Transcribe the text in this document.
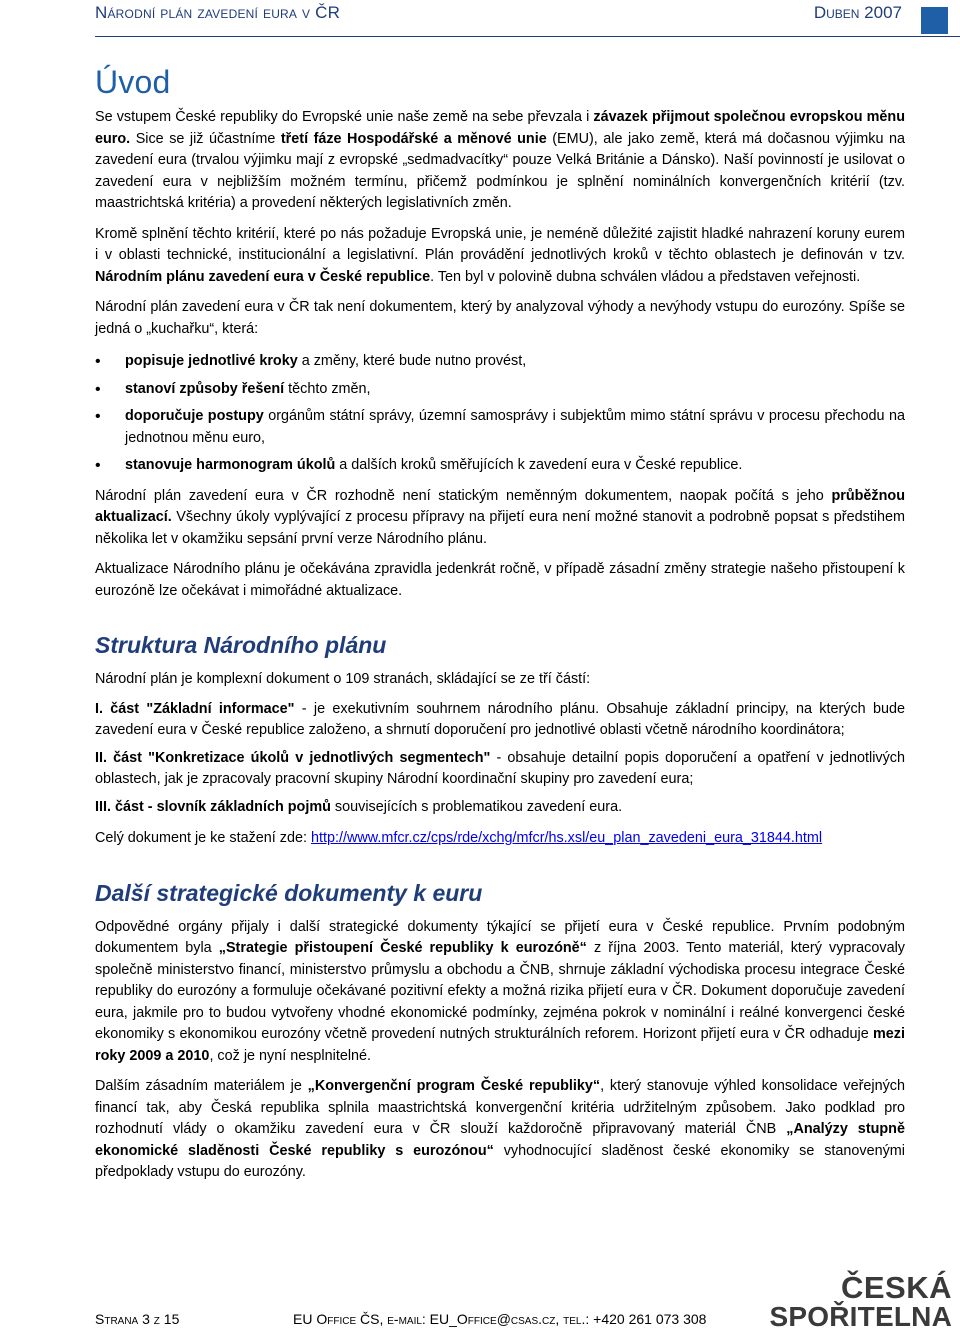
Národní plán zavedení eura v ČR	Duben 2007
Úvod

Se vstupem České republiky do Evropské unie naše země na sebe převzala i závazek přijmout společnou evropskou měnu euro. Sice se již účastníme třetí fáze Hospodářské a měnové unie (EMU), ale jako země, která má dočasnou výjimku na zavedení eura (trvalou výjimku mají z evropské „sedmadvacítky“ pouze Velká Británie a Dánsko). Naší povinností je usilovat o zavedení eura v nejbližším možném termínu, přičemž podmínkou je splnění nominálních konvergenčních kritérií (tzv. maastrichtská kritéria) a provedení některých legislativních změn.

Kromě splnění těchto kritérií, které po nás požaduje Evropská unie, je neméně důležité zajistit hladké nahrazení koruny eurem i v oblasti technické, institucionální a legislativní. Plán provádění jednotlivých kroků v těchto oblastech je definován v tzv. Národním plánu zavedení eura v České republice. Ten byl v polovině dubna schválen vládou a představen veřejnosti.

Národní plán zavedení eura v ČR tak není dokumentem, který by analyzoval výhody a nevýhody vstupu do eurozóny. Spíše se jedná o „kuchařku“, která:

• popisuje jednotlivé kroky a změny, které bude nutno provést,
• stanoví způsoby řešení těchto změn,
• doporučuje postupy orgánům státní správy, územní samosprávy i subjektům mimo státní správu v procesu přechodu na jednotnou měnu euro,
• stanovuje harmonogram úkolů a dalších kroků směřujících k zavedení eura v České republice.

Národní plán zavedení eura v ČR rozhodně není statickým neměnným dokumentem, naopak počítá s jeho průběžnou aktualizací. Všechny úkoly vyplývající z procesu přípravy na přijetí eura není možné stanovit a podrobně popsat s předstihem několika let v okamžiku sepsání první verze Národního plánu.

Aktualizace Národního plánu je očekávána zpravidla jedenkrát ročně, v případě zásadní změny strategie našeho přistoupení k eurozóně lze očekávat i mimořádné aktualizace.

Struktura Národního plánu

Národní plán je komplexní dokument o 109 stranách, skládající se ze tří částí:

I. část "Základní informace" - je exekutivním souhrnem národního plánu. Obsahuje základní principy, na kterých bude zavedení eura v České republice založeno, a shrnutí doporučení pro jednotlivé oblasti včetně národního koordinátora;

II. část "Konkretizace úkolů v jednotlivých segmentech" - obsahuje detailní popis doporučení a opatření v jednotlivých oblastech, jak je zpracovaly pracovní skupiny Národní koordinační skupiny pro zavedení eura;

III. část - slovník základních pojmů souvisejících s problematikou zavedení eura.

Celý dokument je ke stažení zde: http://www.mfcr.cz/cps/rde/xchg/mfcr/hs.xsl/eu_plan_zavedeni_eura_31844.html

Další strategické dokumenty k euru

Odpovědné orgány přijaly i další strategické dokumenty týkající se přijetí eura v České republice. Prvním podobným dokumentem byla „Strategie přistoupení České republiky k eurozóně“ z října 2003. Tento materiál, který vypracovaly společně ministerstvo financí, ministerstvo průmyslu a obchodu a ČNB, shrnuje základní východiska procesu integrace České republiky do eurozóny a formuluje očekávané pozitivní efekty a možná rizika přijetí eura v ČR. Dokument doporučuje zavedení eura, jakmile pro to budou vytvořeny vhodné ekonomické podmínky, zejména pokrok v nominální i reálné konvergenci české ekonomiky s ekonomikou eurozóny včetně provedení nutných strukturálních reforem. Horizont přijetí eura v ČR odhaduje mezi roky 2009 a 2010, což je nyní nesplnitelné.

Dalším zásadním materiálem je „Konvergenční program České republiky“, který stanovuje výhled konsolidace veřejných financí tak, aby Česká republika splnila maastrichtská konvergenční kritéria udržitelným způsobem. Jako podklad pro rozhodnutí vlády o okamžiku zavedení eura v ČR slouží každoročně připravovaný materiál ČNB „Analýzy stupně ekonomické sladěnosti České republiky s eurozónou“ vyhodnocující sladěnost české ekonomiky se stanovenými předpoklady vstupu do eurozóny.

Strana 3 z 15	EU Office ČS, e-mail: EU_Office@csas.cz, tel.: +420 261 073 308
ČESKÁ
SPOŘITELNA
